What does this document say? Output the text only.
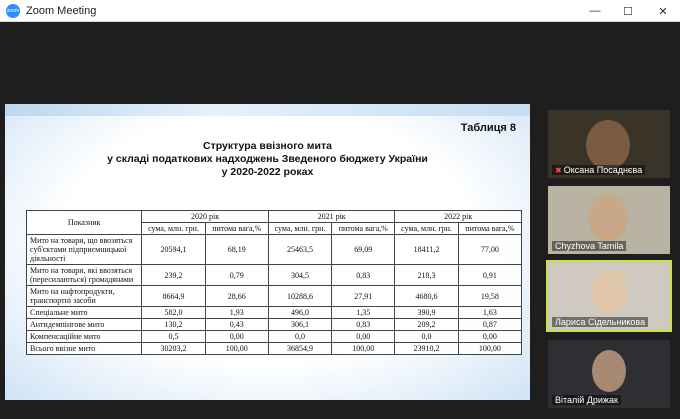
zoom Zoom Meeting	—	☐	✕
Таблиця 8
Структура ввізного мита
у складі податкових надходжень Зведеного бюджету України
у 2020-2022 роках
Показник	2020 рік		2021 рік		2022 рік	
	сума, млн. грн.	питома вага,%	сума, млн. грн.	питома вага,%	сума, млн. грн.	питома вага,%
Мито на товари, що ввозяться суб'єктами підприємницької діяльності	20594,1	68,19	25463,5	69,09	18411,2	77,00
Мито на товари, які ввозяться (пересилаються) громадянами	239,2	0,79	304,5	0,83	218,3	0,91
Мито на нафтопродукти, транспортні засоби	8664,9	28,66	10288,6	27,91	4680,6	19,58
Спеціальне мито	582,0	1,93	496,0	1,35	390,9	1,63
Антидемпінгове мито	130,2	0,43	306,1	0,83	209,2	0,87
Компенсаційне мито	0,5	0,00	0,0	0,00	0,0	0,00
Всього ввізне мито	30203,2	100,00	36854,9	100,00	23910,2	100,00
✖ Оксана Посаднєва
Chyzhova Tamila
Лариса Сідельникова
Віталій Дрижак
